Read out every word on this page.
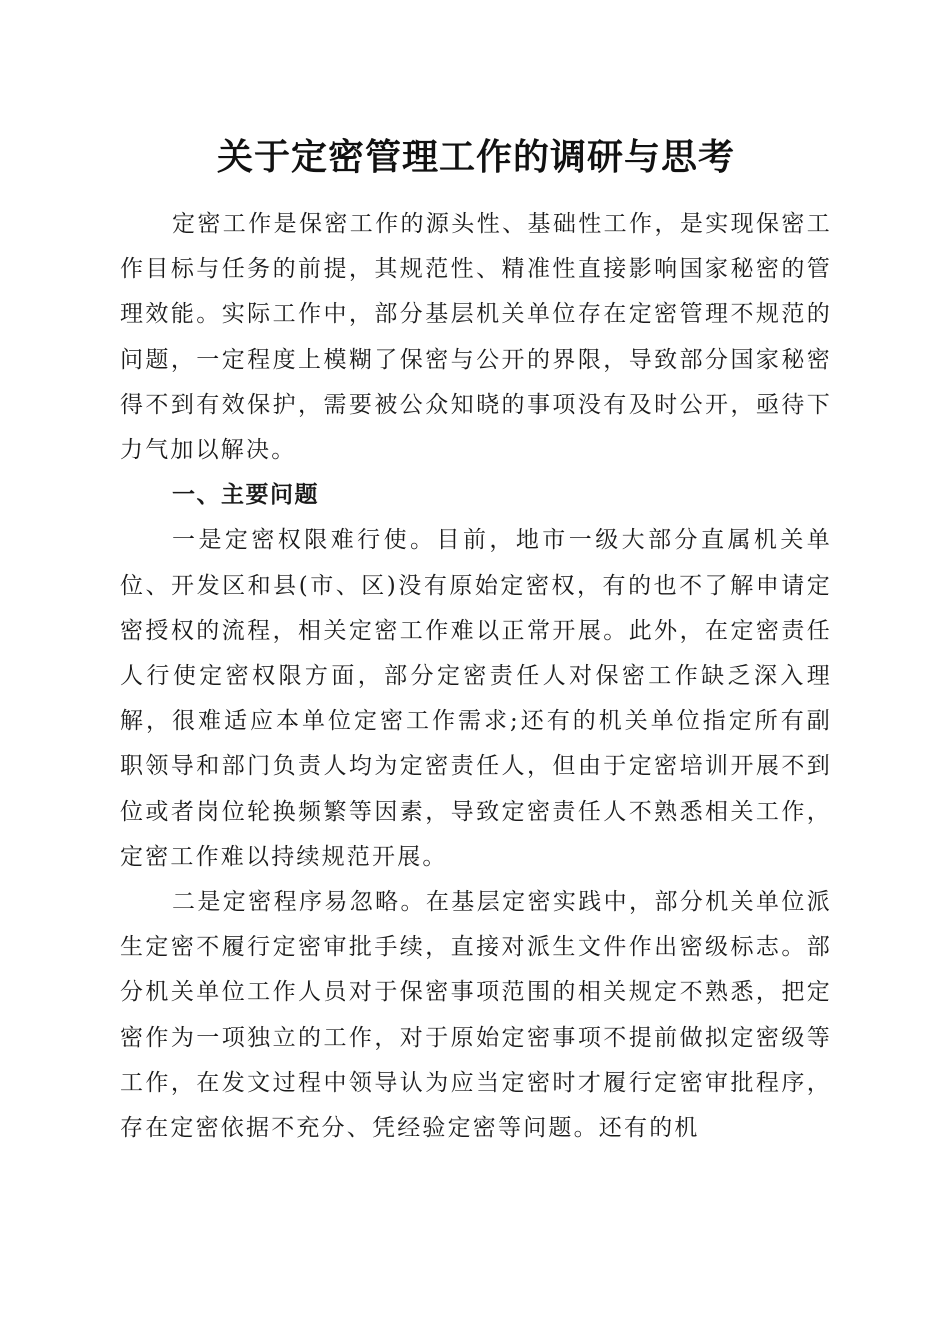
关于定密管理工作的调研与思考

定密工作是保密工作的源头性、基础性工作，是实现保密工作目标与任务的前提，其规范性、精准性直接影响国家秘密的管理效能。实际工作中，部分基层机关单位存在定密管理不规范的问题，一定程度上模糊了保密与公开的界限，导致部分国家秘密得不到有效保护，需要被公众知晓的事项没有及时公开，亟待下力气加以解决。

一、主要问题

一是定密权限难行使。目前，地市一级大部分直属机关单位、开发区和县(市、区)没有原始定密权，有的也不了解申请定密授权的流程，相关定密工作难以正常开展。此外，在定密责任人行使定密权限方面，部分定密责任人对保密工作缺乏深入理解，很难适应本单位定密工作需求;还有的机关单位指定所有副职领导和部门负责人均为定密责任人，但由于定密培训开展不到位或者岗位轮换频繁等因素，导致定密责任人不熟悉相关工作，定密工作难以持续规范开展。

二是定密程序易忽略。在基层定密实践中，部分机关单位派生定密不履行定密审批手续，直接对派生文件作出密级标志。部分机关单位工作人员对于保密事项范围的相关规定不熟悉，把定密作为一项独立的工作，对于原始定密事项不提前做拟定密级等工作，在发文过程中领导认为应当定密时才履行定密审批程序，存在定密依据不充分、凭经验定密等问题。还有的机
